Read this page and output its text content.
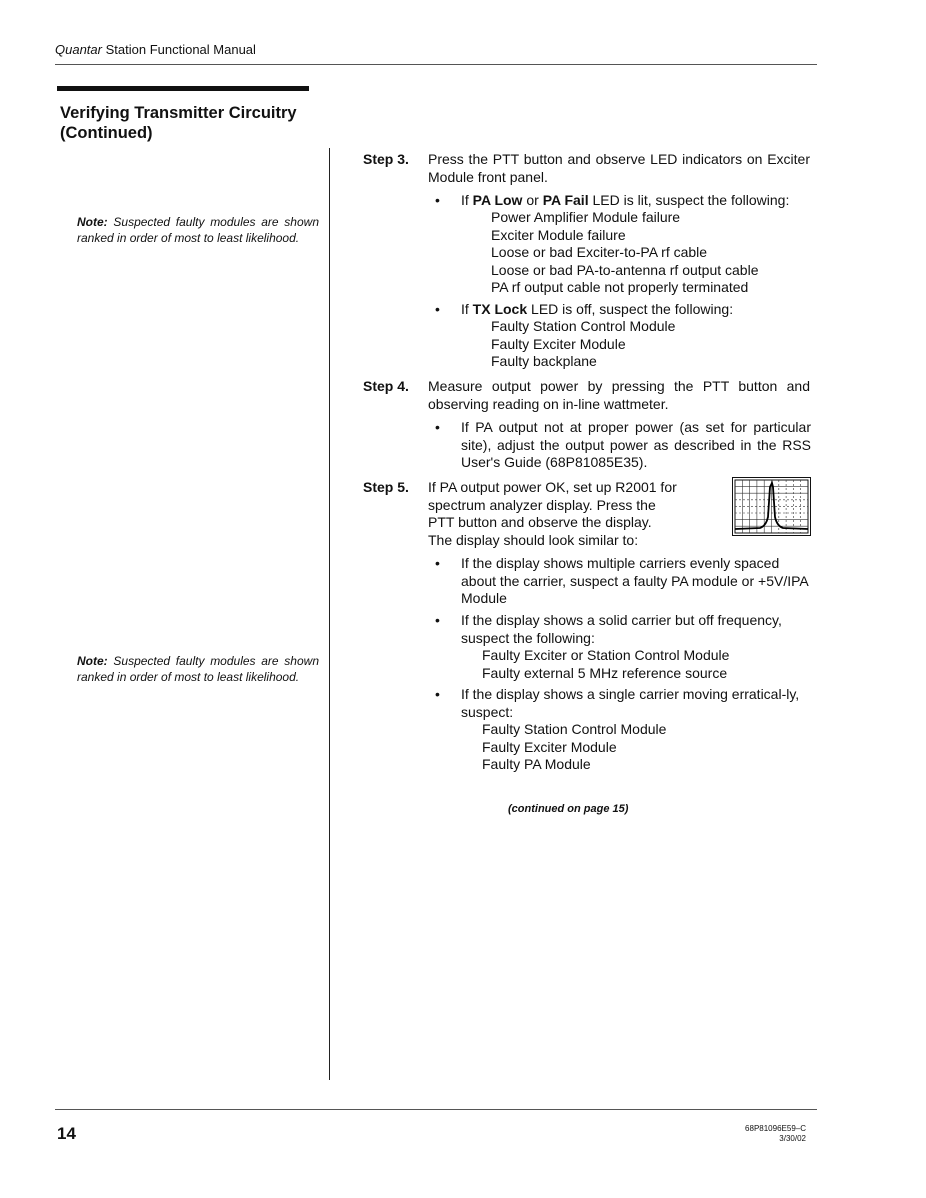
Quantar Station Functional Manual
Verifying Transmitter Circuitry
(Continued)
Note: Suspected faulty modules are shown ranked in order of most to least likelihood.
Note: Suspected faulty modules are shown ranked in order of most to least likelihood.
Step 3. Press the PTT button and observe LED indicators on Exciter Module front panel.
• If PA Low or PA Fail LED is lit, suspect the following:
Power Amplifier Module failure
Exciter Module failure
Loose or bad Exciter-to-PA rf cable
Loose or bad PA-to-antenna rf output cable
PA rf output cable not properly terminated
• If TX Lock LED is off, suspect the following:
Faulty Station Control Module
Faulty Exciter Module
Faulty backplane
Step 4. Measure output power by pressing the PTT button and observing reading on in-line wattmeter.
• If PA output not at proper power (as set for particular site), adjust the output power as described in the RSS User's Guide (68P81085E35).
Step 5. If PA output power OK, set up R2001 for
spectrum analyzer display. Press the
PTT button and observe the display.
The display should look similar to:
• If the display shows multiple carriers evenly spaced about the carrier, suspect a faulty PA module or +5V/IPA Module
• If the display shows a solid carrier but off frequency, suspect the following:
Faulty Exciter or Station Control Module
Faulty external 5 MHz reference source
• If the display shows a single carrier moving erratical-ly, suspect:
Faulty Station Control Module
Faulty Exciter Module
Faulty PA Module
(continued on page 15)
14	68P81096E59–C
3/30/02
